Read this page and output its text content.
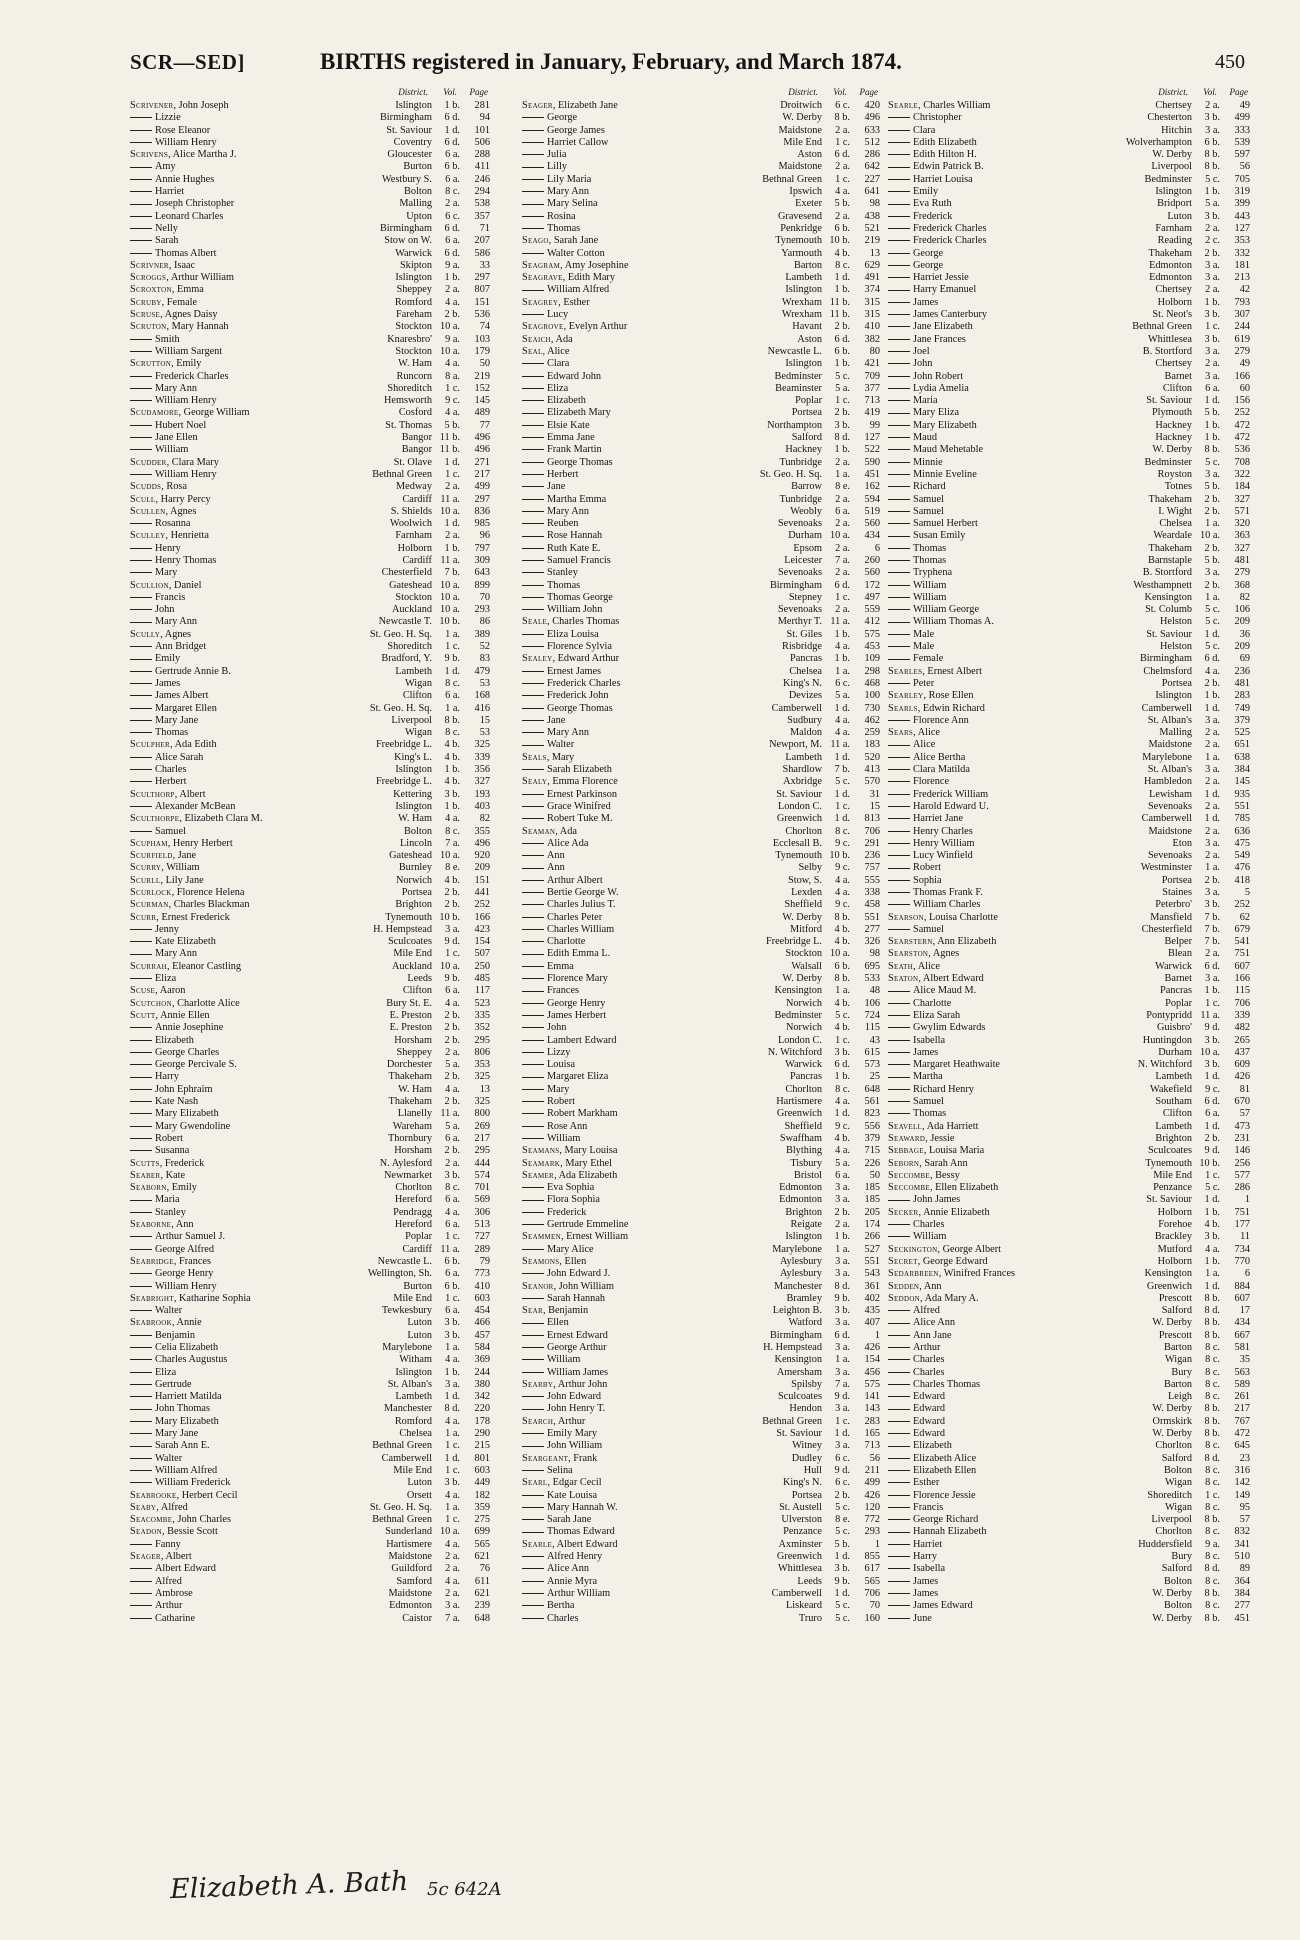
SCR—SED]	BIRTHS registered in January, February, and March 1874.	450
District. Vol. Page
Scrivener, John Joseph	Islington	1 b.	281
Lizzie	Birmingham	6 d.	94
Rose Eleanor	St. Saviour	1 d.	101
William Henry	Coventry	6 d.	506
Scrivens, Alice Martha J.	Gloucester	6 a.	288
Amy	Burton	6 b.	411
Annie Hughes	Westbury S.	6 a.	246
Harriet	Bolton	8 c.	294
Joseph Christopher	Malling	2 a.	538
Leonard Charles	Upton	6 c.	357
Nelly	Birmingham	6 d.	71
Sarah	Stow on W.	6 a.	207
Thomas Albert	Warwick	6 d.	586
Scrivner, Isaac	Skipton	9 a.	33
Scroggs, Arthur William	Islington	1 b.	297
Scroxton, Emma	Sheppey	2 a.	807
Scruby, Female	Romford	4 a.	151
Scruse, Agnes Daisy	Fareham	2 b.	536
Scruton, Mary Hannah	Stockton 10 a.	74
Smith	Knaresbro'	9 a.	103
William Sargent	Stockton 10 a.	179
Scrutton, Emily	W. Ham	4 a.	50
Frederick Charles	Runcorn	8 a.	219
Mary Ann	Shoreditch	1 c.	152
William Henry	Hemsworth	9 c.	145
Scudamore, George William	Cosford	4 a.	489
Hubert Noel	St. Thomas	5 b.	77
Jane Ellen	Bangor 11 b.	496
William	Bangor 11 b.	496
Scudder, Clara Mary	St. Olave	1 d.	271
William Henry	Bethnal Green	1 c.	217
Scudds, Rosa	Medway	2 a.	499
Scull, Harry Percy	Cardiff 11 a.	297
Scullen, Agnes	S. Shields 10 a.	836
Rosanna	Woolwich	1 d.	985
Sculley, Henrietta	Farnham	2 a.	96
Henry	Holborn	1 b.	797
Henry Thomas	Cardiff 11 a.	309
Mary	Chesterfield	7 b.	643
Scullion, Daniel	Gateshead 10 a.	899
Francis	Stockton 10 a.	70
John	Auckland 10 a.	293
Mary Ann	Newcastle T. 10 b.	86
Scully, Agnes	St. Geo. H. Sq.	1 a.	389
Ann Bridget	Shoreditch	1 c.	52
Emily	Bradford, Y.	9 b.	83
Gertrude Annie B.	Lambeth	1 d.	479
James	Wigan	8 c.	53
James Albert	Clifton	6 a.	168
Margaret Ellen	St. Geo. H. Sq.	1 a.	416
Mary Jane	Liverpool	8 b.	15
Thomas	Wigan	8 c.	53
Sculpher, Ada Edith	Freebridge L.	4 b.	325
Alice Sarah	King's L.	4 b.	339
Charles	Islington	1 b.	356
Herbert	Freebridge L.	4 b.	327
Sculthorp, Albert	Kettering	3 b.	193
Alexander McBean	Islington	1 b.	403
Sculthorpe, Elizabeth Clara M.	W. Ham	4 a.	82
Samuel	Bolton	8 c.	355
Scupham, Henry Herbert	Lincoln	7 a.	496
Scurfield, Jane	Gateshead 10 a.	920
Scurry, William	Burnley	8 e.	209
Scurll, Lily Jane	Norwich	4 b.	151
Scurlock, Florence Helena	Portsea	2 b.	441
Scurman, Charles Blackman	Brighton	2 b.	252
Scurr, Ernest Frederick	Tynemouth 10 b.	166
Jenny	H. Hempstead	3 a.	423
Kate Elizabeth	Sculcoates	9 d.	154
Mary Ann	Mile End	1 c.	507
Scurrah, Eleanor Castling	Auckland 10 a.	250
Eliza	Leeds	9 b.	485
Scuse, Aaron	Clifton	6 a.	117
Scutchon, Charlotte Alice	Bury St. E.	4 a.	523
Scutt, Annie Ellen	E. Preston	2 b.	335
Annie Josephine	E. Preston	2 b.	352
Elizabeth	Horsham	2 b.	295
George Charles	Sheppey	2 a.	806
George Percivale S.	Dorchester	5 a.	353
Harry	Thakeham	2 b.	325
John Ephraim	W. Ham	4 a.	13
Kate Nash	Thakeham	2 b.	325
Mary Elizabeth	Llanelly 11 a.	800
Mary Gwendoline	Wareham	5 a.	269
Robert	Thornbury	6 a.	217
Susanna	Horsham	2 b.	295
Scutts, Frederick	N. Aylesford	2 a.	444
Seaber, Kate	Newmarket	3 b.	574
Seaborn, Emily	Chorlton	8 c.	701
Maria	Hereford	6 a.	569
Stanley	Pendragg	4 a.	306
Seaborne, Ann	Hereford	6 a.	513
Arthur Samuel J.	Poplar	1 c.	727
George Alfred	Cardiff 11 a.	289
Seabridge, Frances	Newcastle L.	6 b.	79
George Henry	Wellington, Sh.	6 a.	773
William Henry	Burton	6 b.	410
Seabright, Katharine Sophia	Mile End	1 c.	603
Walter	Tewkesbury	6 a.	454
Seabrook, Annie	Luton	3 b.	466
Benjamin	Luton	3 b.	457
Celia Elizabeth	Marylebone	1 a.	584
Charles Augustus	Witham	4 a.	369
Eliza	Islington	1 b.	244
Gertrude	St. Alban's	3 a.	380
Harriett Matilda	Lambeth	1 d.	342
John Thomas	Manchester	8 d.	220
Mary Elizabeth	Romford	4 a.	178
Mary Jane	Chelsea	1 a.	290
Sarah Ann E.	Bethnal Green	1 c.	215
Walter	Camberwell	1 d.	801
William Alfred	Mile End	1 c.	603
William Frederick	Luton	3 b.	449
Seabrooke, Herbert Cecil	Orsett	4 a.	182
Seaby, Alfred	St. Geo. H. Sq.	1 a.	359
Seacombe, John Charles	Bethnal Green	1 c.	275
Seadon, Bessie Scott	Sunderland 10 a.	699
Fanny	Hartismere	4 a.	565
Seager, Albert	Maidstone	2 a.	621
Albert Edward	Guildford	2 a.	76
Alfred	Samford	4 a.	611
Ambrose	Maidstone	2 a.	621
Arthur	Edmonton	3 a.	239
Catharine	Caistor	7 a.	648
District. Vol. Page
Seager, Elizabeth Jane	Droitwich	6 c.	420
George	W. Derby	8 b.	496
George James	Maidstone	2 a.	633
Harriet Callow	Mile End	1 c.	512
Julia	Aston	6 d.	286
Lilly	Maidstone	2 a.	642
Lily Maria	Bethnal Green	1 c.	227
Mary Ann	Ipswich	4 a.	641
Mary Selina	Exeter	5 b.	98
Rosina	Gravesend	2 a.	438
Thomas	Penkridge	6 b.	521
Seago, Sarah Jane	Tynemouth 10 b.	219
Walter Cotton	Yarmouth	4 b.	13
Seagram, Amy Josephine	Barton	8 c.	629
Seagrave, Edith Mary	Lambeth	1 d.	491
William Alfred	Islington	1 b.	374
Seagrey, Esther	Wrexham 11 b.	315
Lucy	Wrexham 11 b.	315
Seagrove, Evelyn Arthur	Havant	2 b.	410
Seaich, Ada	Aston	6 d.	382
Seal, Alice	Newcastle L.	6 b.	80
Clara	Islington	1 b.	421
Edward John	Bedminster	5 c.	709
Eliza	Beaminster	5 a.	377
Elizabeth	Poplar	1 c.	713
Elizabeth Mary	Portsea	2 b.	419
Elsie Kate	Northampton	3 b.	99
Emma Jane	Salford	8 d.	127
Frank Martin	Hackney	1 b.	522
George Thomas	Tunbridge	2 a.	590
Herbert	St. Geo. H. Sq.	1 a.	451
Jane	Barrow	8 e.	162
Martha Emma	Tunbridge	2 a.	594
Mary Ann	Weobly	6 a.	519
Reuben	Sevenoaks	2 a.	560
Rose Hannah	Durham 10 a.	434
Ruth Kate E.	Epsom	2 a.	6
Samuel Francis	Leicester	7 a.	260
Stanley	Sevenoaks	2 a.	560
Thomas	Birmingham	6 d.	172
Thomas George	Stepney	1 c.	497
William John	Sevenoaks	2 a.	559
Seale, Charles Thomas	Merthyr T. 11 a.	412
Eliza Louisa	St. Giles	1 b.	575
Florence Sylvia	Risbridge	4 a.	453
Sealey, Edward Arthur	Pancras	1 b.	109
Ernest James	Chelsea	1 a.	298
Frederick Charles	King's N.	6 c.	468
Frederick John	Devizes	5 a.	100
George Thomas	Camberwell	1 d.	730
Jane	Sudbury	4 a.	462
Mary Ann	Maldon	4 a.	259
Walter	Newport, M. 11 a.	183
Seals, Mary	Lambeth	1 d.	520
Sarah Elizabeth	Shardlow	7 b.	413
Sealy, Emma Florence	Axbridge	5 c.	570
Ernest Parkinson	St. Saviour	1 d.	31
Grace Winifred	London C.	1 c.	15
Robert Tuke M.	Greenwich	1 d.	813
Seaman, Ada	Chorlton	8 c.	706
Alice Ada	Ecclesall B.	9 c.	291
Ann	Tynemouth 10 b.	236
Ann	Selby	9 c.	757
Arthur Albert	Stow, S.	4 a.	555
Bertie George W.	Lexden	4 a.	338
Charles Julius T.	Sheffield	9 c.	458
Charles Peter	W. Derby	8 b.	551
Charles William	Mitford	4 b.	277
Charlotte	Freebridge L.	4 b.	326
Edith Emma L.	Stockton 10 a.	98
Emma	Walsall	6 b.	695
Florence Mary	W. Derby	8 b.	533
Frances	Kensington	1 a.	48
George Henry	Norwich	4 b.	106
James Herbert	Bedminster	5 c.	724
John	Norwich	4 b.	115
Lambert Edward	London C.	1 c.	43
Lizzy	N. Witchford	3 b.	615
Louisa	Warwick	6 d.	573
Margaret Eliza	Pancras	1 b.	25
Mary	Chorlton	8 c.	648
Robert	Hartismere	4 a.	561
Robert Markham	Greenwich	1 d.	823
Rose Ann	Sheffield	9 c.	556
William	Swaffham	4 b.	379
Seamans, Mary Louisa	Blything	4 a.	715
Seamark, Mary Ethel	Tisbury	5 a.	226
Seamer, Ada Elizabeth	Bristol	6 a.	50
Eva Sophia	Edmonton	3 a.	185
Flora Sophia	Edmonton	3 a.	185
Frederick	Brighton	2 b.	205
Gertrude Emmeline	Reigate	2 a.	174
Seammen, Ernest William	Islington	1 b.	266
Mary Alice	Marylebone	1 a.	527
Seamons, Ellen	Aylesbury	3 a.	551
John Edward J.	Aylesbury	3 a.	543
Seanor, John William	Manchester	8 d.	361
Sarah Hannah	Bramley	9 b.	402
Sear, Benjamin	Leighton B.	3 b.	435
Ellen	Watford	3 a.	407
Ernest Edward	Birmingham	6 d.	1
George Arthur	H. Hempstead	3 a.	426
William	Kensington	1 a.	154
William James	Amersham	3 a.	456
Searby, Arthur John	Spilsby	7 a.	575
John Edward	Sculcoates	9 d.	141
John Henry T.	Hendon	3 a.	143
Search, Arthur	Bethnal Green	1 c.	283
Emily Mary	St. Saviour	1 d.	165
John William	Witney	3 a.	713
Seargeant, Frank	Dudley	6 c.	56
Selina	Hull	9 d.	211
Searl, Edgar Cecil	King's N.	6 c.	499
Kate Louisa	Portsea	2 b.	426
Mary Hannah W.	St. Austell	5 c.	120
Sarah Jane	Ulverston	8 e.	772
Thomas Edward	Penzance	5 c.	293
Searle, Albert Edward	Axminster	5 b.	1
Alfred Henry	Greenwich	1 d.	855
Alice Ann	Whittlesea	3 b.	617
Annie Myra	Leeds	9 b.	565
Arthur William	Camberwell	1 d.	706
Bertha	Liskeard	5 c.	70
Charles	Truro	5 c.	160
District. Vol. Page
Searle, Charles William	Chertsey	2 a.	49
Christopher	Chesterton	3 b.	499
Clara	Hitchin	3 a.	333
Edith Elizabeth	Wolverhampton	6 b.	539
Edith Hilton H.	W. Derby	8 b.	597
Edwin Patrick B.	Liverpool	8 b.	56
Harriet Louisa	Bedminster	5 c.	705
Emily	Islington	1 b.	319
Eva Ruth	Bridport	5 a.	399
Frederick	Luton	3 b.	443
Frederick Charles	Farnham	2 a.	127
Frederick Charles	Reading	2 c.	353
George	Thakeham	2 b.	332
George	Edmonton	3 a.	181
Harriet Jessie	Edmonton	3 a.	213
Harry Emanuel	Chertsey	2 a.	42
James	Holborn	1 b.	793
James Canterbury	St. Neot's	3 b.	307
Jane Elizabeth	Bethnal Green	1 c.	244
Jane Frances	Whittlesea	3 b.	619
Joel	B. Stortford	3 a.	279
John	Chertsey	2 a.	49
John Robert	Barnet	3 a.	166
Lydia Amelia	Clifton	6 a.	60
Maria	St. Saviour	1 d.	156
Mary Eliza	Plymouth	5 b.	252
Mary Elizabeth	Hackney	1 b.	472
Maud	Hackney	1 b.	472
Maud Mehetable	W. Derby	8 b.	536
Minnie	Bedminster	5 c.	708
Minnie Eveline	Royston	3 a.	322
Richard	Totnes	5 b.	184
Samuel	Thakeham	2 b.	327
Samuel	I. Wight	2 b.	571
Samuel Herbert	Chelsea	1 a.	320
Susan Emily	Weardale 10 a.	363
Thomas	Thakeham	2 b.	327
Thomas	Barnstaple	5 b.	481
Tryphena	B. Stortford	3 a.	279
William	Westhampnett	2 b.	368
William	Kensington	1 a.	82
William George	St. Columb	5 c.	106
William Thomas A.	Helston	5 c.	209
Male	St. Saviour	1 d.	36
Male	Helston	5 c.	209
Female	Birmingham	6 d.	69
Searles, Ernest Albert	Chelmsford	4 a.	236
Peter	Portsea	2 b.	481
Searley, Rose Ellen	Islington	1 b.	283
Searls, Edwin Richard	Camberwell	1 d.	749
Florence Ann	St. Alban's	3 a.	379
Sears, Alice	Malling	2 a.	525
Alice	Maidstone	2 a.	651
Alice Bertha	Marylebone	1 a.	638
Clara Matilda	St. Alban's	3 a.	384
Florence	Hambledon	2 a.	145
Frederick William	Lewisham	1 d.	935
Harold Edward U.	Sevenoaks	2 a.	551
Harriet Jane	Camberwell	1 d.	785
Henry Charles	Maidstone	2 a.	636
Henry William	Eton	3 a.	475
Lucy Winfield	Sevenoaks	2 a.	549
Robert	Westminster	1 a.	476
Sophia	Portsea	2 b.	418
Thomas Frank F.	Staines	3 a.	5
William Charles	Peterbro'	3 b.	252
Searson, Louisa Charlotte	Mansfield	7 b.	62
Samuel	Chesterfield	7 b.	679
Searstern, Ann Elizabeth	Belper	7 b.	541
Searston, Agnes	Blean	2 a.	751
Seath, Alice	Warwick	6 d.	607
Seaton, Albert Edward	Barnet	3 a.	166
Alice Maud M.	Pancras	1 b.	115
Charlotte	Poplar	1 c.	706
Eliza Sarah	Pontypridd 11 a.	339
Gwylim Edwards	Guisbro'	9 d.	482
Isabella	Huntingdon	3 b.	265
James	Durham 10 a.	437
Margaret Heathwaite	N. Witchford	3 b.	609
Martha	Lambeth	1 d.	426
Richard Henry	Wakefield	9 c.	81
Samuel	Southam	6 d.	670
Thomas	Clifton	6 a.	57
Seavell, Ada Harriett	Lambeth	1 d.	473
Seaward, Jessie	Brighton	2 b.	231
Sebbage, Louisa Maria	Sculcoates	9 d.	146
Seborn, Sarah Ann	Tynemouth 10 b.	256
Seccombe, Bessy	Mile End	1 c.	577
Seccombe, Ellen Elizabeth	Penzance	5 c.	286
John James	St. Saviour	1 d.	1
Secker, Annie Elizabeth	Holborn	1 b.	751
Charles	Forehoe	4 b.	177
William	Brackley	3 b.	11
Seckington, George Albert	Mutford	4 a.	734
Secret, George Edward	Holborn	1 b.	770
Sedarbreen, Winifred Frances	Kensington	1 a.	6
Sedden, Ann	Greenwich	1 d.	884
Seddon, Ada Mary A.	Prescott	8 b.	607
Alfred	Salford	8 d.	17
Alice Ann	W. Derby	8 b.	434
Ann Jane	Prescott	8 b.	667
Arthur	Barton	8 c.	581
Charles	Wigan	8 c.	35
Charles	Bury	8 c.	563
Charles Thomas	Barton	8 c.	589
Edward	Leigh	8 c.	261
Edward	W. Derby	8 b.	217
Edward	Ormskirk	8 b.	767
Edward	W. Derby	8 b.	472
Elizabeth	Chorlton	8 c.	645
Elizabeth Alice	Salford	8 d.	23
Elizabeth Ellen	Bolton	8 c.	316
Esther	Wigan	8 c.	142
Florence Jessie	Shoreditch	1 c.	149
Francis	Wigan	8 c.	95
George Richard	Liverpool	8 b.	57
Hannah Elizabeth	Chorlton	8 c.	832
Harriet	Huddersfield	9 a.	341
Harry	Bury	8 c.	510
Isabella	Salford	8 d.	89
James	Bolton	8 c.	364
James	W. Derby	8 b.	384
James Edward	Bolton	8 c.	277
June	W. Derby	8 b.	451
Elizabeth A. Bath 5c 642A
